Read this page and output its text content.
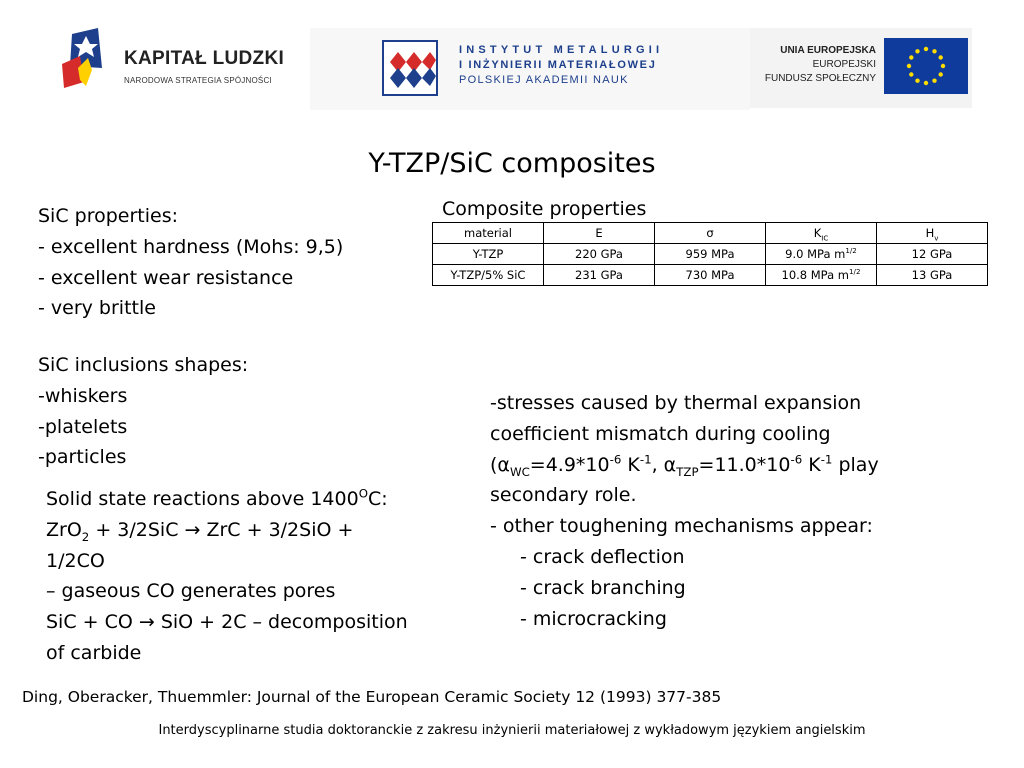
KAPITAŁ LUDZKI
NARODOWA STRATEGIA SPÓJNOŚCI
INSTYTUT METALURGII
I INŻYNIERII MATERIAŁOWEJ
POLSKIEJ AKADEMII NAUK
UNIA EUROPEJSKA
EUROPEJSKI
FUNDUSZ SPOŁECZNY
Y-TZP/SiC composites
SiC properties:
- excellent hardness (Mohs: 9,5)
- excellent wear resistance
- very brittle
SiC inclusions shapes:
-whiskers
-platelets
-particles
Solid state reactions above $1400^OC$:
ZrO$_2$ + 3/2SiC → ZrC + 3/2SiO +
1/2CO
– gaseous CO generates pores
SiC + CO → SiO + 2C – decomposition
of carbide
Composite properties
material	E	σ	$K_{IC}$	$H_v$
Y-TZP	220 GPa	959 MPa	9.0 MPa $m^{1/2}$	12 GPa
Y-TZP/5% SiC	231 GPa	730 MPa	10.8 MPa $m^{1/2}$	13 GPa
-stresses caused by thermal expansion
coefficient mismatch during cooling
($\alpha_{WC}=4.9*10^{-6}$ $K^{-1}$, $\alpha_{TZP}=11.0*10^{-6}$ $K^{-1}$ play
secondary role.
- other toughening mechanisms appear:
- crack deflection
- crack branching
- microcracking
Ding, Oberacker, Thuemmler: Journal of the European Ceramic Society 12 (1993) 377-385
Interdyscyplinarne studia doktoranckie z zakresu inżynierii materiałowej z wykładowym językiem angielskim
